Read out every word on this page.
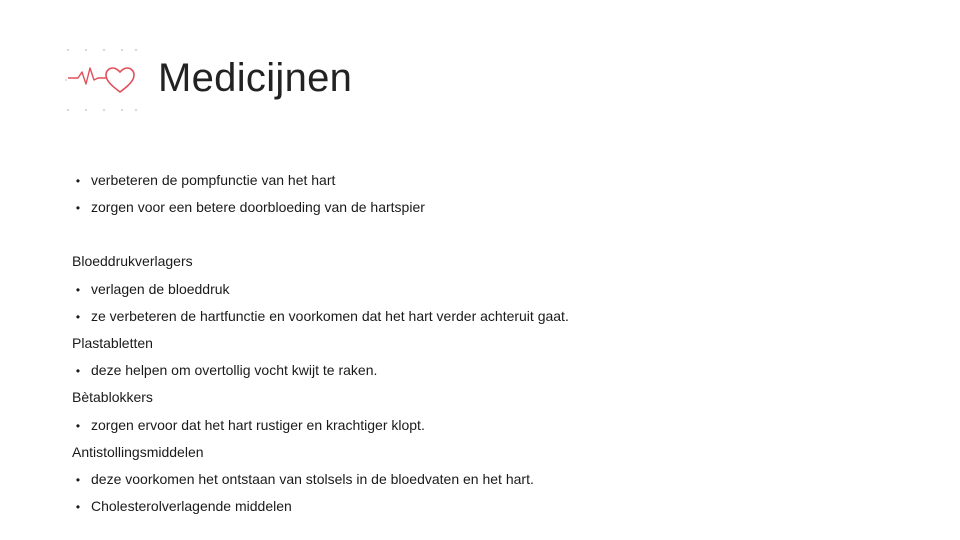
Medicijnen
• verbeteren de pompfunctie van het hart
• zorgen voor een betere doorbloeding van de hartspier
Bloeddrukverlagers
• verlagen de bloeddruk
• ze verbeteren de hartfunctie en voorkomen dat het hart verder achteruit gaat.
Plastabletten
• deze helpen om overtollig vocht kwijt te raken.
Bètablokkers
• zorgen ervoor dat het hart rustiger en krachtiger klopt.
Antistollingsmiddelen
• deze voorkomen het ontstaan van stolsels in de bloedvaten en het hart.
• Cholesterolverlagende middelen
